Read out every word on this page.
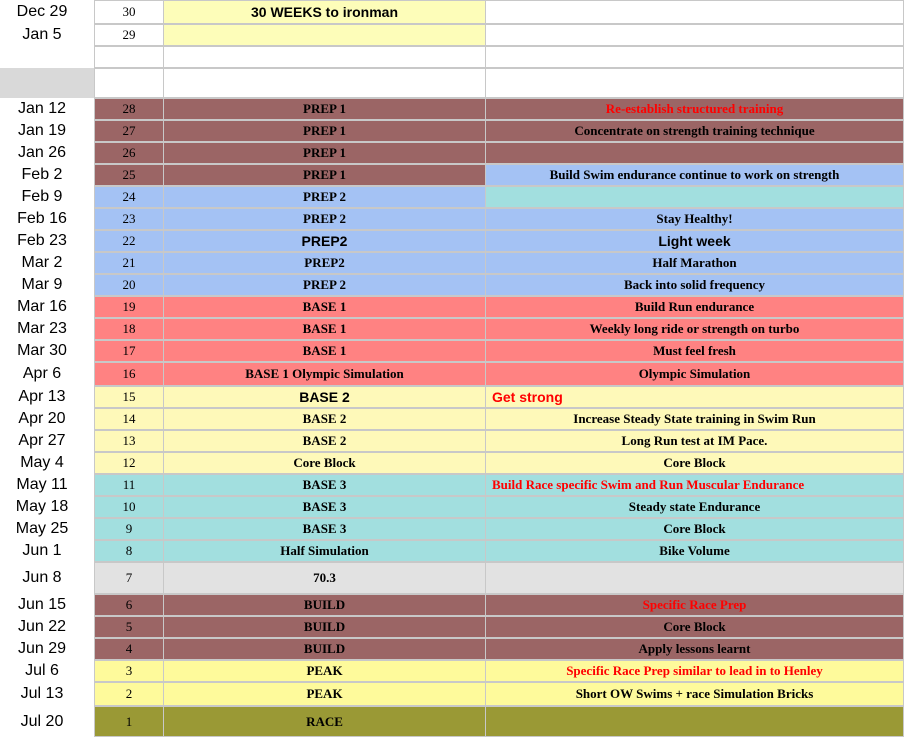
Dec 29	30	30 WEEKS to ironman
Jan 5	29
Jan 12	28	PREP 1	Re-establish structured training
Jan 19	27	PREP 1	Concentrate on strength training technique
Jan 26	26	PREP 1
Feb 2	25	PREP 1	Build Swim endurance continue to work on strength
Feb 9	24	PREP 2
Feb 16	23	PREP 2	Stay Healthy!
Feb 23	22	PREP2	Light week
Mar 2	21	PREP2	Half Marathon
Mar 9	20	PREP 2	Back into solid frequency
Mar 16	19	BASE 1	Build Run endurance
Mar 23	18	BASE 1	Weekly long ride or strength on turbo
Mar 30	17	BASE 1	Must feel fresh
Apr 6	16	BASE 1 Olympic Simulation	Olympic Simulation
Apr 13	15	BASE 2	Get strong
Apr 20	14	BASE 2	Increase Steady State training in Swim Run
Apr 27	13	BASE 2	Long Run test at IM Pace.
May 4	12	Core Block	Core Block
May 11	11	BASE 3	Build Race specific Swim and Run Muscular Endurance
May 18	10	BASE 3	Steady state Endurance
May 25	9	BASE 3	Core Block
Jun 1	8	Half Simulation	Bike Volume
Jun 8	7	70.3
Jun 15	6	BUILD	Specific Race Prep
Jun 22	5	BUILD	Core Block
Jun 29	4	BUILD	Apply lessons learnt
Jul 6	3	PEAK	Specific Race Prep similar to lead in to Henley
Jul 13	2	PEAK	Short OW Swims + race Simulation Bricks
Jul 20	1	RACE
